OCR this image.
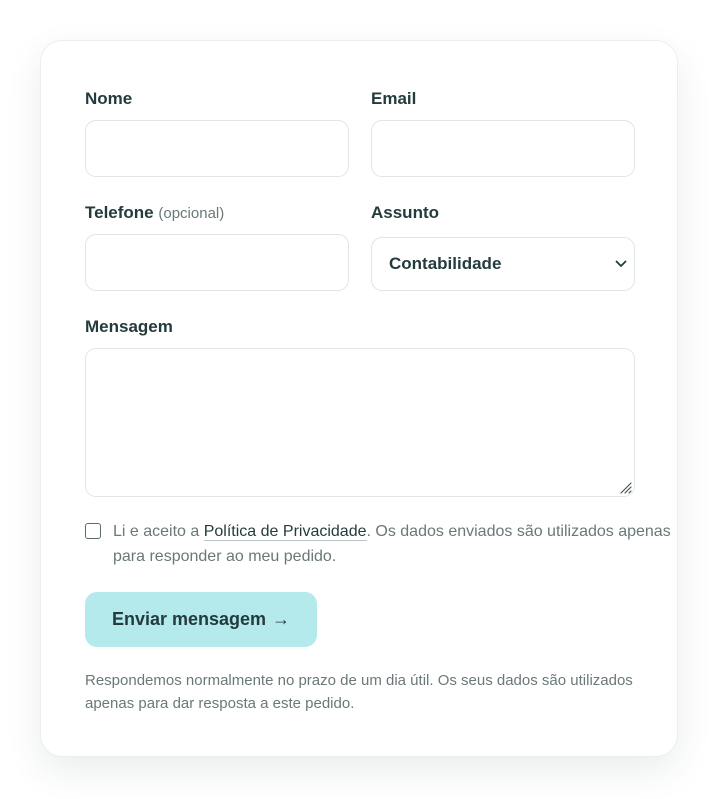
Nome	Email
Telefone (opcional)	Assunto
Contabilidade
Mensagem
Li e aceito a Política de Privacidade. Os dados enviados são utilizados apenas para responder ao meu pedido.
Enviar mensagem →
Respondemos normalmente no prazo de um dia útil. Os seus dados são utilizados apenas para dar resposta a este pedido.
